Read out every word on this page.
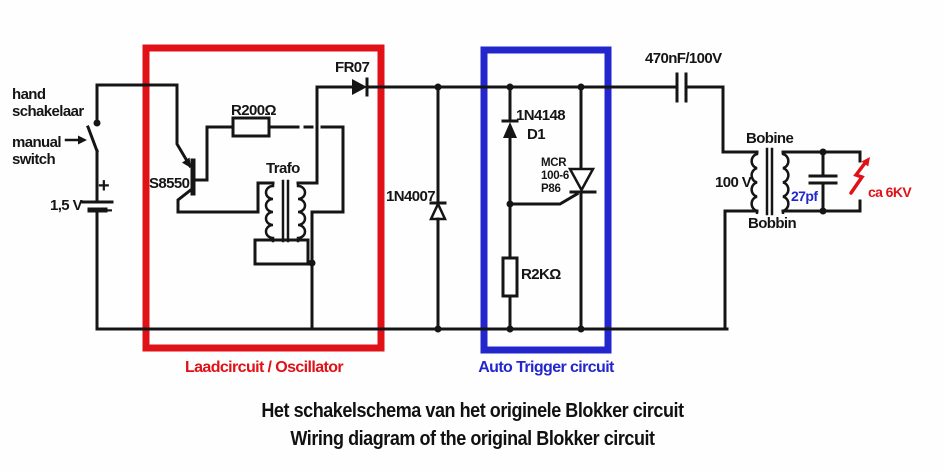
hand
schakelaar
manual
switch
1,5 V
+
−
S8550
R200Ω
Trafo
FR07
1N4007
1N4148
D1
MCR
100-6
P86
R2KΩ
470nF/100V
Bobine
100 V
Bobbin
27pf	ca 6KV
Laadcircuit / Oscillator	Auto Trigger circuit
Het schakelschema van het originele Blokker circuit
Wiring diagram of the original Blokker circuit
